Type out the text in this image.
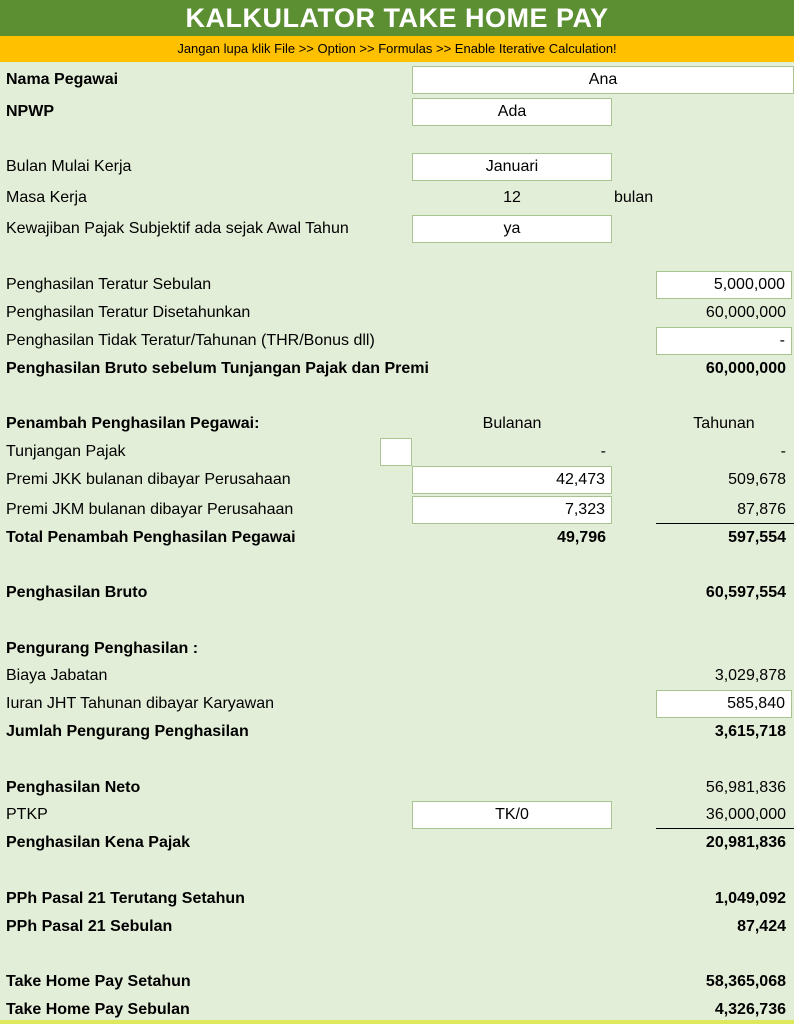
KALKULATOR TAKE HOME PAY
Jangan lupa klik File >> Option >> Formulas >> Enable Iterative Calculation!
Nama Pegawai	Ana
NPWP	Ada
Bulan Mulai Kerja	Januari
Masa Kerja	12	bulan
Kewajiban Pajak Subjektif ada sejak Awal Tahun	ya
Penghasilan Teratur Sebulan	5,000,000
Penghasilan Teratur Disetahunkan	60,000,000
Penghasilan Tidak Teratur/Tahunan (THR/Bonus dll)	-
Penghasilan Bruto sebelum Tunjangan Pajak dan Premi	60,000,000
Penambah Penghasilan Pegawai:	Bulanan	Tahunan
Tunjangan Pajak	-	-
Premi JKK bulanan dibayar Perusahaan	42,473	509,678
Premi JKM bulanan dibayar Perusahaan	7,323	87,876
Total Penambah Penghasilan Pegawai	49,796	597,554
Penghasilan Bruto	60,597,554
Pengurang Penghasilan :
Biaya Jabatan	3,029,878
Iuran JHT Tahunan dibayar Karyawan	585,840
Jumlah Pengurang Penghasilan	3,615,718
Penghasilan Neto	56,981,836
PTKP	TK/0	36,000,000
Penghasilan Kena Pajak	20,981,836
PPh Pasal 21 Terutang Setahun	1,049,092
PPh Pasal 21 Sebulan	87,424
Take Home Pay Setahun	58,365,068
Take Home Pay Sebulan	4,326,736
